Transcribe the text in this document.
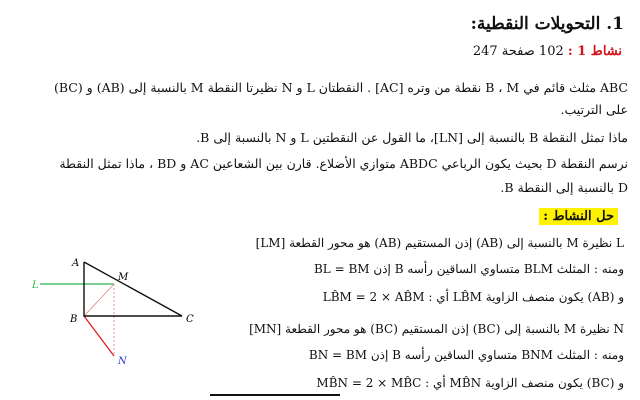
1. التحويلات النقطية:
نشاط 1 : 102 صفحة 247
ABC مثلث قائم في B ، M نقطة من وتره [AC] . النقطتان L و N نظيرتا النقطة M بالنسبة إلى (AB) و (BC)
على الترتيب.
ماذا تمثل النقطة B بالنسبة إلى [LN]، ما القول عن النقطتين L و N بالنسبة إلى B.
نرسم النقطة D بحيث يكون الرباعي ABDC متوازي الأضلاع. قارن بين الشعاعين AC و BD ، ماذا تمثل النقطة
D بالنسبة إلى النقطة B.
حل النشاط :
L نظيرة M بالنسبة إلى (AB) إذن المستقيم (AB) هو محور القطعة [LM]
ومنه : المثلث BLM متساوي الساقين رأسه B إذن BL = BM
و (AB) يكون منصف الزاوية LB̂M أي : LB̂M = 2 × AB̂M
N نظيرة M بالنسبة إلى (BC) إذن المستقيم (BC) هو محور القطعة [MN]
ومنه : المثلث BNM متساوي الساقين رأسه B إذن BN = BM
و (BC) يكون منصف الزاوية MB̂N أي : MB̂N = 2 × MB̂C
A
M
L
B	C
N
